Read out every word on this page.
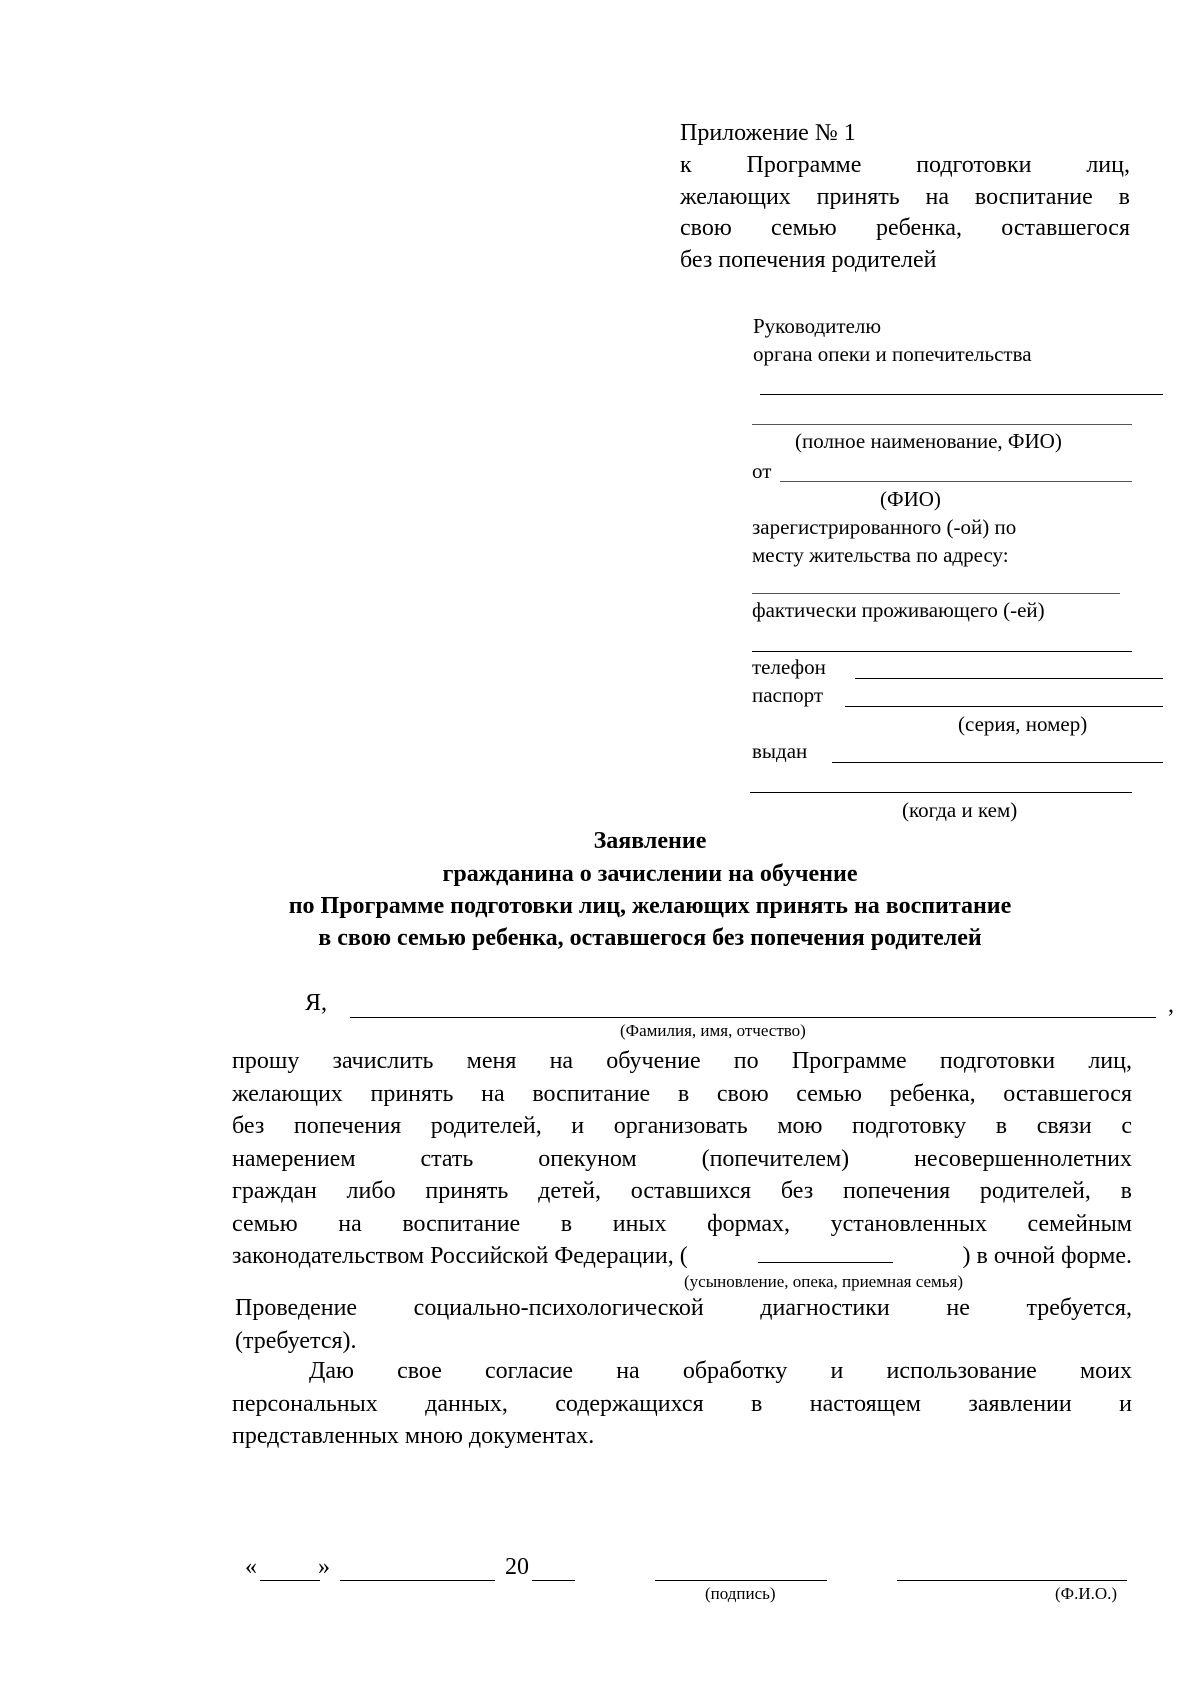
Приложение № 1
к Программе подготовки лиц,
желающих принять на воспитание в
свою семью ребенка, оставшегося
без попечения родителей
Руководителю
органа опеки и попечительства
(полное наименование, ФИО)
от
(ФИО)
зарегистрированного (-ой) по
месту жительства по адресу:
фактически проживающего (-ей)
телефон
паспорт
(серия, номер)
выдан
(когда и кем)
Заявление
гражданина о зачислении на обучение
по Программе подготовки лиц, желающих принять на воспитание
в свою семью ребенка, оставшегося без попечения родителей
Я,	,
(Фамилия, имя, отчество)
прошу зачислить меня на обучение по Программе подготовки лиц,
желающих принять на воспитание в свою семью ребенка, оставшегося
без попечения родителей, и организовать мою подготовку в связи с
намерением стать опекуном (попечителем) несовершеннолетних
граждан либо принять детей, оставшихся без попечения родителей, в
семью на воспитание в иных формах, установленных семейным
законодательством Российской Федерации, (	) в очной форме.
(усыновление, опека, приемная семья)
Проведение социально-психологической диагностики не требуется,
(требуется).
Даю свое согласие на обработку и использование моих
персональных данных, содержащихся в настоящем заявлении и
представленных мною документах.
«	»	20
(подпись)	(Ф.И.О.)
